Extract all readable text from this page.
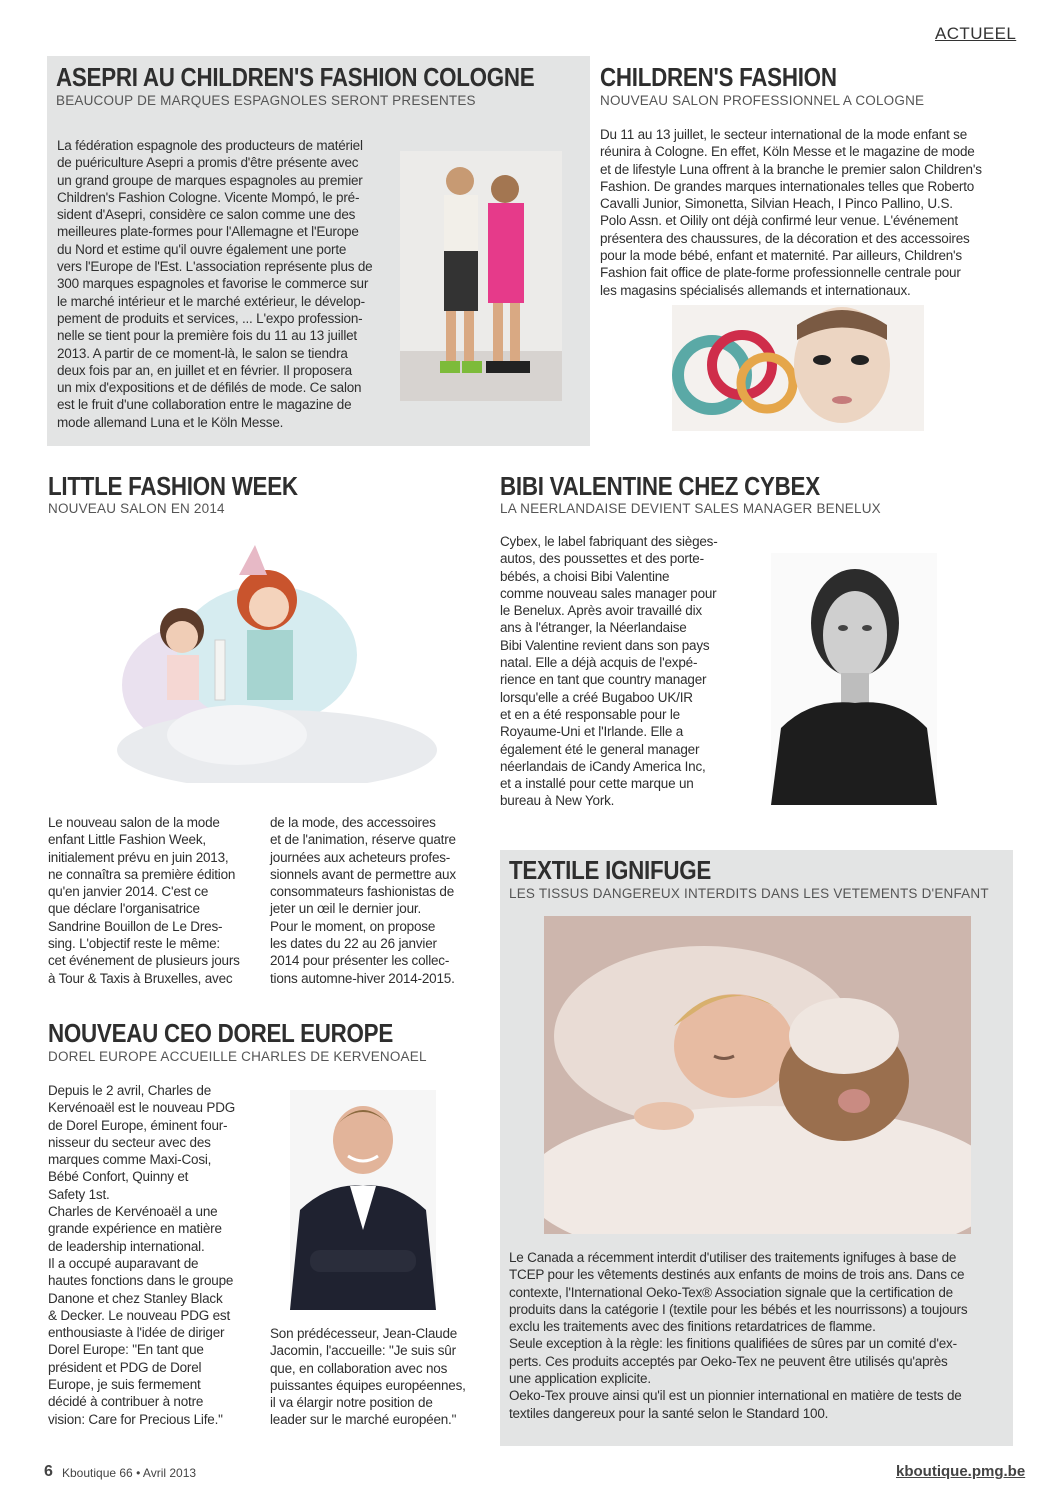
ACTUEEL
ASEPRI AU CHILDREN'S FASHION COLOGNE
BEAUCOUP DE MARQUES ESPAGNOLES SERONT PRESENTES
La fédération espagnole des producteurs de matériel
de puériculture Asepri a promis d'être présente avec
un grand groupe de marques espagnoles au premier
Children's Fashion Cologne. Vicente Mompó, le pré-
sident d'Asepri, considère ce salon comme une des
meilleures plate-formes pour l'Allemagne et l'Europe
du Nord et estime qu'il ouvre également une porte
vers l'Europe de l'Est. L'association représente plus de
300 marques espagnoles et favorise le commerce sur
le marché intérieur et le marché extérieur, le dévelop-
pement de produits et services, ... L'expo profession-
nelle se tient pour la première fois du 11 au 13 juillet
2013. A partir de ce moment-là, le salon se tiendra
deux fois par an, en juillet et en février. Il proposera
un mix d'expositions et de défilés de mode. Ce salon
est le fruit d'une collaboration entre le magazine de
mode allemand Luna et le Köln Messe.
CHILDREN'S FASHION
NOUVEAU SALON PROFESSIONNEL A COLOGNE
Du 11 au 13 juillet, le secteur international de la mode enfant se
réunira à Cologne. En effet, Köln Messe et le magazine de mode
et de lifestyle Luna offrent à la branche le premier salon Children's
Fashion. De grandes marques internationales telles que Roberto
Cavalli Junior, Simonetta, Silvian Heach, I Pinco Pallino, U.S.
Polo Assn. et Oilily ont déjà confirmé leur venue. L'événement
présentera des chaussures, de la décoration et des accessoires
pour la mode bébé, enfant et maternité. Par ailleurs, Children's
Fashion fait office de plate-forme professionnelle centrale pour
les magasins spécialisés allemands et internationaux.
LITTLE FASHION WEEK
NOUVEAU SALON EN 2014
Le nouveau salon de la mode
enfant Little Fashion Week,
initialement prévu en juin 2013,
ne connaîtra sa première édition
qu'en janvier 2014. C'est ce
que déclare l'organisatrice
Sandrine Bouillon de Le Dres-
sing. L'objectif reste le même:
cet événement de plusieurs jours
à Tour & Taxis à Bruxelles, avec
de la mode, des accessoires
et de l'animation, réserve quatre
journées aux acheteurs profes-
sionnels avant de permettre aux
consommateurs fashionistas de
jeter un œil le dernier jour.
Pour le moment, on propose
les dates du 22 au 26 janvier
2014 pour présenter les collec-
tions automne-hiver 2014-2015.
BIBI VALENTINE CHEZ CYBEX
LA NEERLANDAISE DEVIENT SALES MANAGER BENELUX
Cybex, le label fabriquant des sièges-
autos, des poussettes et des porte-
bébés, a choisi Bibi Valentine
comme nouveau sales manager pour
le Benelux. Après avoir travaillé dix
ans à l'étranger, la Néerlandaise
Bibi Valentine revient dans son pays
natal. Elle a déjà acquis de l'expé-
rience en tant que country manager
lorsqu'elle a créé Bugaboo UK/IR
et en a été responsable pour le
Royaume-Uni et l'Irlande. Elle a
également été le general manager
néerlandais de iCandy America Inc,
et a installé pour cette marque un
bureau à New York.
NOUVEAU CEO DOREL EUROPE
DOREL EUROPE ACCUEILLE CHARLES DE KERVENOAEL
Depuis le 2 avril, Charles de
Kervénoaël est le nouveau PDG
de Dorel Europe, éminent four-
nisseur du secteur avec des
marques comme Maxi-Cosi,
Bébé Confort, Quinny et
Safety 1st.
Charles de Kervénoaël a une
grande expérience en matière
de leadership international.
Il a occupé auparavant de
hautes fonctions dans le groupe
Danone et chez Stanley Black
& Decker. Le nouveau PDG est
enthousiaste à l'idée de diriger
Dorel Europe: "En tant que
président et PDG de Dorel
Europe, je suis fermement
décidé à contribuer à notre
vision: Care for Precious Life."
Son prédécesseur, Jean-Claude
Jacomin, l'accueille: "Je suis sûr
que, en collaboration avec nos
puissantes équipes européennes,
il va élargir notre position de
leader sur le marché européen."
TEXTILE IGNIFUGE
LES TISSUS DANGEREUX INTERDITS DANS LES VETEMENTS D'ENFANT
Le Canada a récemment interdit d'utiliser des traitements ignifuges à base de
TCEP pour les vêtements destinés aux enfants de moins de trois ans. Dans ce
contexte, l'International Oeko-Tex® Association signale que la certification de
produits dans la catégorie I (textile pour les bébés et les nourrissons) a toujours
exclu les traitements avec des finitions retardatrices de flamme.
Seule exception à la règle: les finitions qualifiées de sûres par un comité d'ex-
perts. Ces produits acceptés par Oeko-Tex ne peuvent être utilisés qu'après
une application explicite.
Oeko-Tex prouve ainsi qu'il est un pionnier international en matière de tests de
textiles dangereux pour la santé selon le Standard 100.
6 Kboutique 66 • Avril 2013	kboutique.pmg.be
